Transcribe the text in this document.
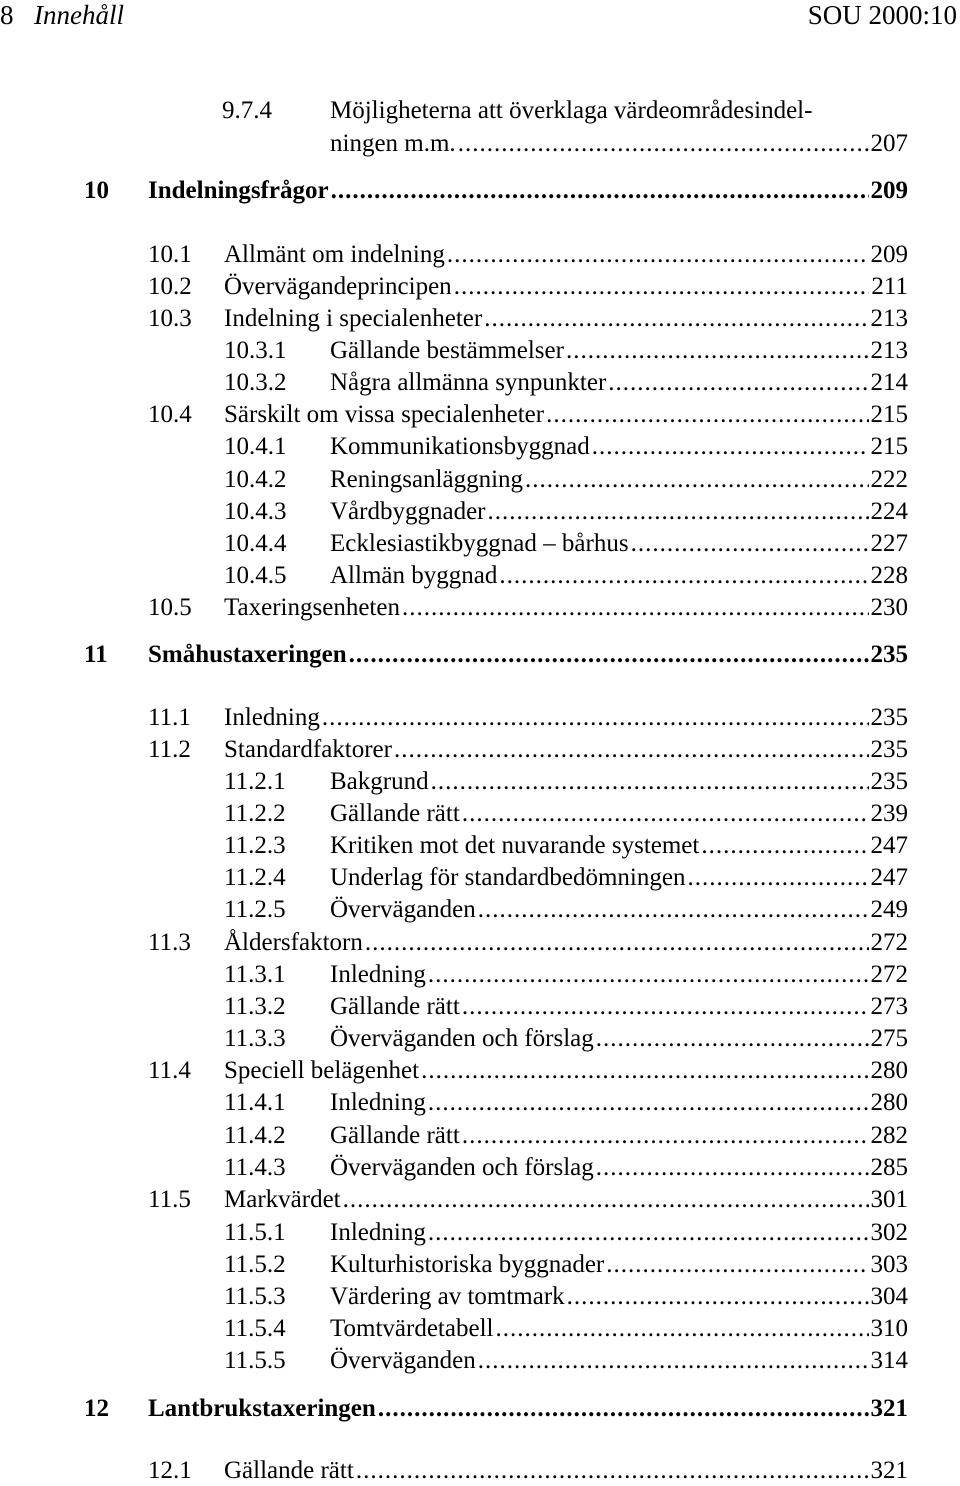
8 Innehåll	SOU 2000:10
9.7.4 Möjligheterna att överklaga värdeområdesindel-
ningen m.m. .....	207
10 Indelningsfrågor .....	209
10.1 Allmänt om indelning .....	209
10.2 Övervägandeprincipen .....	211
10.3 Indelning i specialenheter .....	213
10.3.1 Gällande bestämmelser .....	213
10.3.2 Några allmänna synpunkter .....	214
10.4 Särskilt om vissa specialenheter .....	215
10.4.1 Kommunikationsbyggnad .....	215
10.4.2 Reningsanläggning .....	222
10.4.3 Vårdbyggnader .....	224
10.4.4 Ecklesiastikbyggnad – bårhus .....	227
10.4.5 Allmän byggnad .....	228
10.5 Taxeringsenheten .....	230
11 Småhustaxeringen .....	235
11.1 Inledning .....	235
11.2 Standardfaktorer .....	235
11.2.1 Bakgrund .....	235
11.2.2 Gällande rätt .....	239
11.2.3 Kritiken mot det nuvarande systemet .....	247
11.2.4 Underlag för standardbedömningen .....	247
11.2.5 Överväganden .....	249
11.3 Åldersfaktorn .....	272
11.3.1 Inledning .....	272
11.3.2 Gällande rätt .....	273
11.3.3 Överväganden och förslag .....	275
11.4 Speciell belägenhet .....	280
11.4.1 Inledning .....	280
11.4.2 Gällande rätt .....	282
11.4.3 Överväganden och förslag .....	285
11.5 Markvärdet .....	301
11.5.1 Inledning .....	302
11.5.2 Kulturhistoriska byggnader .....	303
11.5.3 Värdering av tomtmark .....	304
11.5.4 Tomtvärdetabell .....	310
11.5.5 Överväganden .....	314
12 Lantbrukstaxeringen .....	321
12.1 Gällande rätt .....	321
